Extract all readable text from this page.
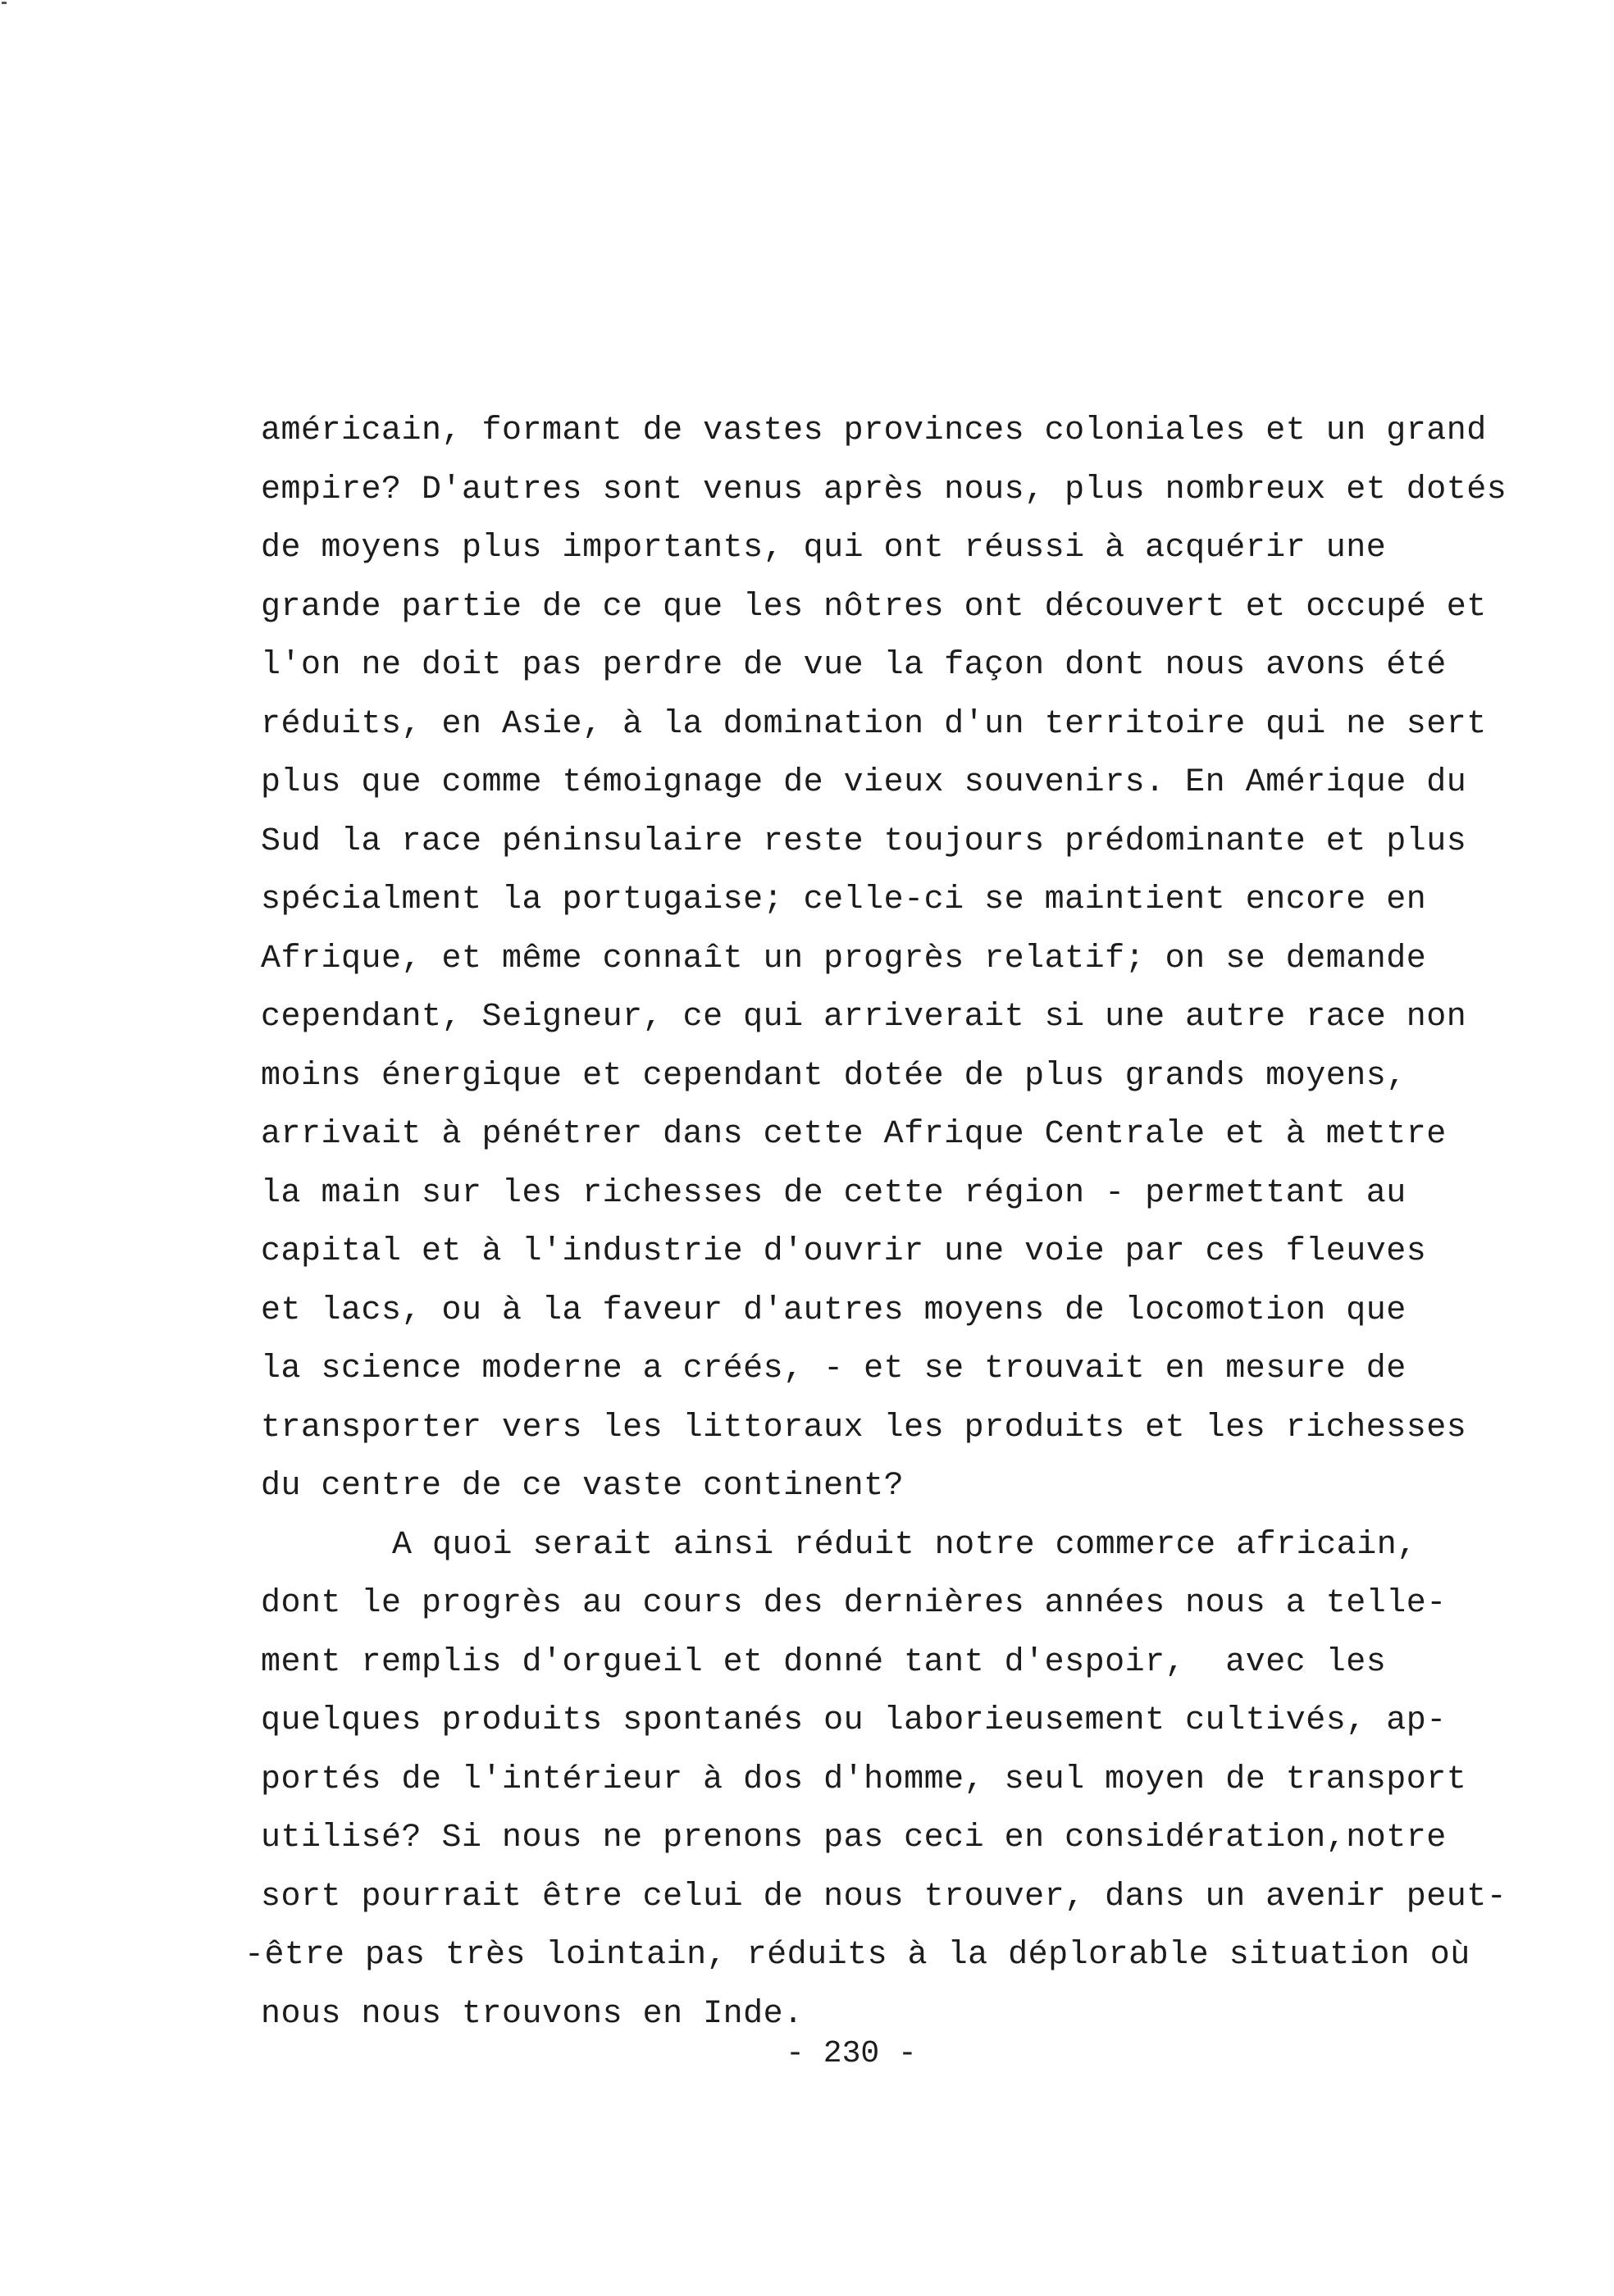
américain, formant de vastes provinces coloniales et un grand
empire? D'autres sont venus après nous, plus nombreux et dotés
de moyens plus importants, qui ont réussi à acquérir une
grande partie de ce que les nôtres ont découvert et occupé et
l'on ne doit pas perdre de vue la façon dont nous avons été
réduits, en Asie, à la domination d'un territoire qui ne sert
plus que comme témoignage de vieux souvenirs. En Amérique du
Sud la race péninsulaire reste toujours prédominante et plus
spécialment la portugaise; celle-ci se maintient encore en
Afrique, et même connaît un progrès relatif; on se demande
cependant, Seigneur, ce qui arriverait si une autre race non
moins énergique et cependant dotée de plus grands moyens,
arrivait à pénétrer dans cette Afrique Centrale et à mettre
la main sur les richesses de cette région - permettant au
capital et à l'industrie d'ouvrir une voie par ces fleuves
et lacs, ou à la faveur d'autres moyens de locomotion que
la science moderne a créés, - et se trouvait en mesure de
transporter vers les littoraux les produits et les richesses
du centre de ce vaste continent?
A quoi serait ainsi réduit notre commerce africain,
dont le progrès au cours des dernières années nous a telle-
ment remplis d'orgueil et donné tant d'espoir,  avec les
quelques produits spontanés ou laborieusement cultivés, ap-
portés de l'intérieur à dos d'homme, seul moyen de transport
utilisé? Si nous ne prenons pas ceci en considération,notre
sort pourrait être celui de nous trouver, dans un avenir peut-
-être pas très lointain, réduits à la déplorable situation où
nous nous trouvons en Inde.
- 230 -
